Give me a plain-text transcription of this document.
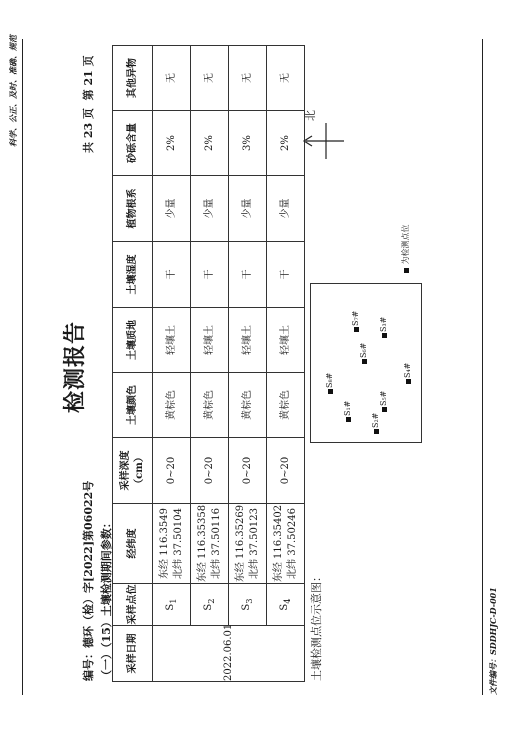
文件编号：SDDHJC-D-001
科学、公正、及时、准确、规范
检测报告
编号：德环（检）字[2022]第06022号 （一）（15）土壤检测期间参数：
共 23 页  第 21 页
采样日期	采样点位	经纬度	采样深度（cm）	土壤颜色	土壤质地	土壤湿度	植物根系	砂砾含量	其他异物
2022.06.01	$S_1$	东经 116.3549 北纬 37.50104	0~20	黄棕色	轻壤土	干	少量	2%	无
	$S_2$	东经 116.35358 北纬 37.50116	0~20	黄棕色	轻壤土	干	少量	2%	无
	$S_3$	东经 116.35269 北纬 37.50123	0~20	黄棕色	轻壤土	干	少量	3%	无
	$S_4$	东经 116.35402 北纬 37.50246	0~20	黄棕色	轻壤土	干	少量	2%	无
土壤检测点位示意图：
S₁#
S₂#
S₃#
S₄#
S₅#
S₆#
S₇#
S₈#
北
为检测点位
